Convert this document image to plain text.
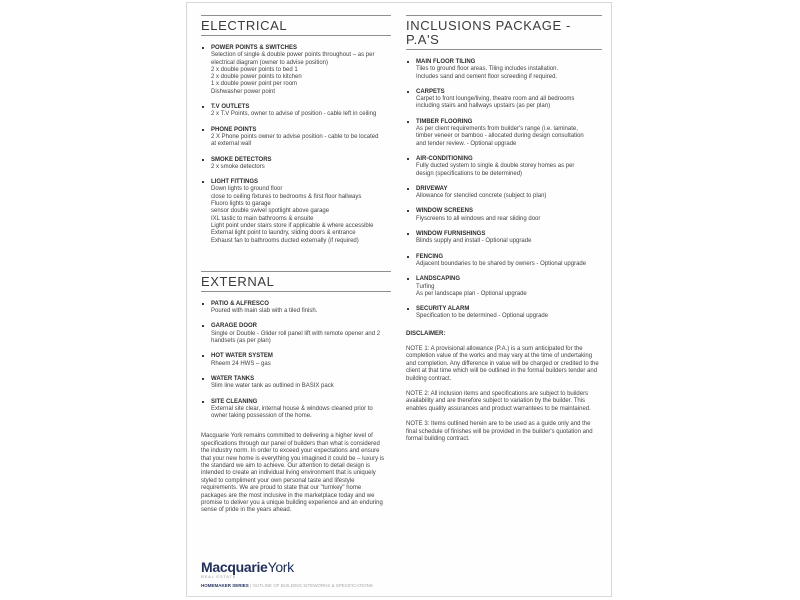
ELECTRICAL
POWER POINTS & SWITCHES
Selection of single & double power points throughout – as per
electrical diagram (owner to advise position)
2 x double power points to bed 1
2 x double power points to kitchen
1 x double power point per room
Dishwasher power point
T.V OUTLETS
2 x T.V Points, owner to advise of position - cable left in ceiling
PHONE POINTS
2 X Phone points owner to advise position - cable to be located
at external wall
SMOKE DETECTORS
2 x smoke detectors
LIGHT FITTINGS
Down lights to ground floor
close to ceiling fixtures to bedrooms & first floor hallways
Fluoro lights to garage
sensor double swivel spotlight above garage
IXL tastic to main bathrooms & ensuite
Light point under stairs store if applicable & where accessible
External light point to laundry, sliding doors & entrance
Exhaust fan to bathrooms ducted externally (if required)
EXTERNAL
PATIO & ALFRESCO
Poured with main slab with a tiled finish.
GARAGE DOOR
Single or Double - Glider roll panel lift with remote opener and 2
handsets (as per plan)
HOT WATER SYSTEM
Rheem 24 HWS – gas
WATER TANKS
Slim line water tank as outlined in BASIX pack
SITE CLEANING
External site clear, internal house & windows cleaned prior to
owner taking possession of the home.

Macquarie York remains committed to delivering a higher level of specifications through our panel of builders than what is considered the industry norm. In order to exceed your expectations and ensure that your new home is everything you imagined it could be – luxury is the standard we aim to achieve. Our attention to detail design is intended to create an individual living environment that is uniquely styled to compliment your own personal taste and lifestyle requirements. We are proud to state that our "turnkey" home packages are the most inclusive in the marketplace today and we promise to deliver you a unique building experience and an enduring sense of pride in the years ahead.

INCLUSIONS PACKAGE - P.A'S
MAIN FLOOR TILING
Tiles to ground floor areas. Tiling includes installation.
Includes sand and cement floor screeding if required.
CARPETS
Carpet to front lounge/living, theatre room and all bedrooms
including stairs and hallways upstairs (as per plan)
TIMBER FLOORING
As per client requirements from builder's range (i.e. laminate,
timber veneer or bamboo - allocated during design consultation
and tender review. - Optional upgrade
AIR-CONDITIONING
Fully ducted system to single & double storey homes as per
design (specifications to be determined)
DRIVEWAY
Allowance for stenciled concrete (subject to plan)
WINDOW SCREENS
Flyscreens to all windows and rear sliding door
WINDOW FURNISHINGS
Blinds supply and install - Optional upgrade
FENCING
Adjacent boundaries to be shared by owners - Optional upgrade
LANDSCAPING
Turfing
As per landscape plan - Optional upgrade
SECURITY ALARM
Specification to be determined - Optional upgrade
DISCLAIMER:

NOTE 1: A provisional allowance (P.A.) is a sum anticipated for the completion value of the works and may vary at the time of undertaking and completion. Any difference in value will be charged or credited to the client at that time which will be outlined in the formal builders tender and building contract.

NOTE 2: All inclusion items and specifications are subject to builders availability and are therefore subject to variation by the builder. This enables quality assurances and product warrantees to be maintained.

NOTE 3: Items outlined herein are to be used as a guide only and the final schedule of finishes will be provided in the builder's quotation and formal building contract.

MacquarieYork
REAL ESTATE
HOMEMAKER SERIES | OUTLINE OF BUILDING SITEWORKS & SPECIFICATIONS
